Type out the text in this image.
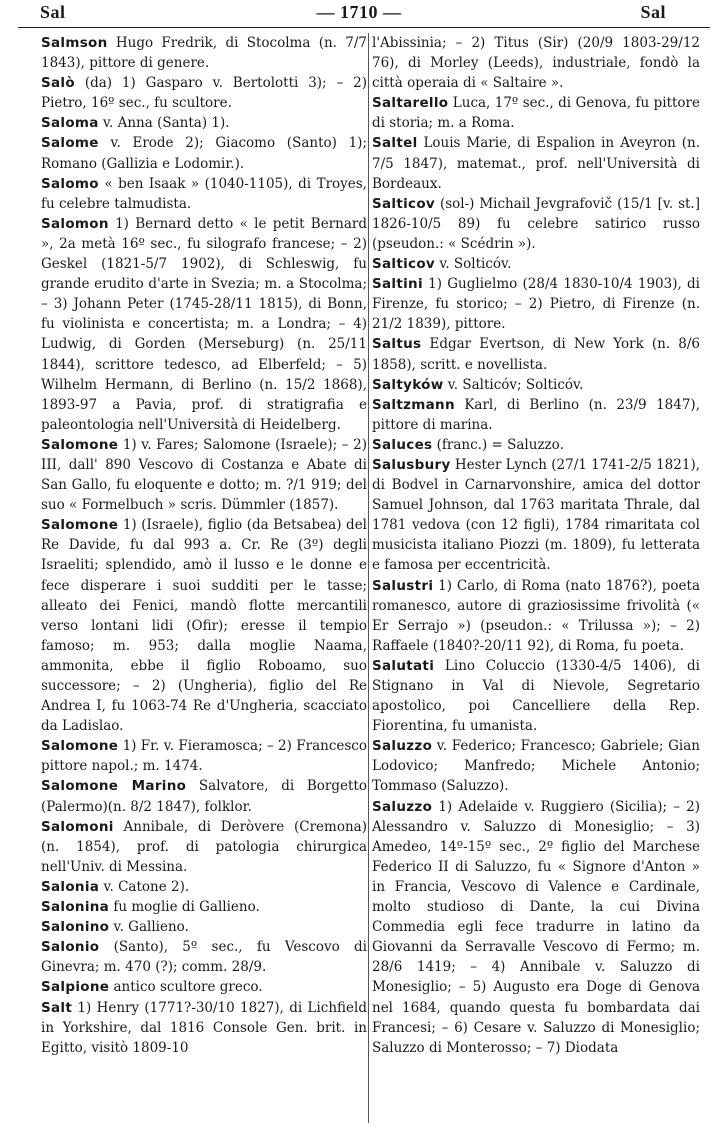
Sal	— 1710 —	Sal

Salmson Hugo Fredrik, di Stocolma (n. 7/7 1843), pittore di genere.

Salò (da) 1) Gasparo v. Bertolotti 3); – 2) Pietro, 16º sec., fu scultore.

Saloma v. Anna (Santa) 1).

Salome v. Erode 2); Giacomo (Santo) 1); Romano (Gallizia e Lodomir.).

Salomo « ben Isaak » (1040-1105), di Troyes, fu celebre talmudista.

Salomon 1) Bernard detto « le petit Bernard », 2a metà 16º sec., fu silografo francese; – 2) Geskel (1821-5/7 1902), di Schleswig, fu grande erudito d'arte in Svezia; m. a Stocolma; – 3) Johann Peter (1745-28/11 1815), di Bonn, fu violinista e concertista; m. a Londra; – 4) Ludwig, di Gorden (Merseburg) (n. 25/11 1844), scrittore tedesco, ad Elberfeld; – 5) Wilhelm Hermann, di Berlino (n. 15/2 1868), 1893-97 a Pavia, prof. di stratigrafia e paleontologia nell'Università di Heidelberg.

Salomone 1) v. Fares; Salomone (Israele); – 2) III, dall' 890 Vescovo di Costanza e Abate di San Gallo, fu eloquente e dotto; m. ?/1 919; del suo « Formelbuch » scris. Dümmler (1857).

Salomone 1) (Israele), figlio (da Betsabea) del Re Davide, fu dal 993 a. Cr. Re (3º) degli Israeliti; splendido, amò il lusso e le donne e fece disperare i suoi sudditi per le tasse; alleato dei Fenici, mandò flotte mercantili verso lontani lidi (Ofir); eresse il tempio famoso; m. 953; dalla moglie Naama, ammonita, ebbe il figlio Roboamo, suo successore; – 2) (Ungheria), figlio del Re Andrea I, fu 1063-74 Re d'Ungheria, scacciato da Ladislao.

Salomone 1) Fr. v. Fieramosca; – 2) Francesco pittore napol.; m. 1474.

Salomone Marino Salvatore, di Borgetto (Palermo)(n. 8/2 1847), folklor.

Salomoni Annibale, di Deròvere (Cremona) (n. 1854), prof. di patologia chirurgica nell'Univ. di Messina.

Salonia v. Catone 2).

Salonina fu moglie di Gallieno.

Salonino v. Gallieno.

Salonio (Santo), 5º sec., fu Vescovo di Ginevra; m. 470 (?); comm. 28/9.

Salpione antico scultore greco.

Salt 1) Henry (1771?-30/10 1827), di Lichfield in Yorkshire, dal 1816 Console Gen. brit. in Egitto, visitò 1809-10

l'Abissinia; – 2) Titus (Sir) (20/9 1803-29/12 76), di Morley (Leeds), industriale, fondò la città operaia di « Saltaire ».

Saltarello Luca, 17º sec., di Genova, fu pittore di storia; m. a Roma.

Saltel Louis Marie, di Espalion in Aveyron (n. 7/5 1847), matemat., prof. nell'Università di Bordeaux.

Salticov (sol-) Michail Jevgrafovič (15/1 [v. st.] 1826-10/5 89) fu celebre satirico russo (pseudon.: « Scédrin »).

Salticov v. Solticóv.

Saltini 1) Guglielmo (28/4 1830-10/4 1903), di Firenze, fu storico; – 2) Pietro, di Firenze (n. 21/2 1839), pittore.

Saltus Edgar Evertson, di New York (n. 8/6 1858), scritt. e novellista.

Saltyków v. Salticóv; Solticóv.

Saltzmann Karl, di Berlino (n. 23/9 1847), pittore di marina.

Saluces (franc.) = Saluzzo.

Salusbury Hester Lynch (27/1 1741-2/5 1821), di Bodvel in Carnarvonshire, amica del dottor Samuel Johnson, dal 1763 maritata Thrale, dal 1781 vedova (con 12 figli), 1784 rimaritata col musicista italiano Piozzi (m. 1809), fu letterata e famosa per eccentricità.

Salustri 1) Carlo, di Roma (nato 1876?), poeta romanesco, autore di graziosissime frivolità (« Er Serrajo ») (pseudon.: « Trilussa »); – 2) Raffaele (1840?-20/11 92), di Roma, fu poeta.

Salutati Lino Coluccio (1330-4/5 1406), di Stignano in Val di Nievole, Segretario apostolico, poi Cancelliere della Rep. Fiorentina, fu umanista.

Saluzzo v. Federico; Francesco; Gabriele; Gian Lodovico; Manfredo; Michele Antonio; Tommaso (Saluzzo).

Saluzzo 1) Adelaide v. Ruggiero (Sicilia); – 2) Alessandro v. Saluzzo di Monesiglio; – 3) Amedeo, 14º-15º sec., 2º figlio del Marchese Federico II di Saluzzo, fu « Signore d'Anton » in Francia, Vescovo di Valence e Cardinale, molto studioso di Dante, la cui Divina Commedia egli fece tradurre in latino da Giovanni da Serravalle Vescovo di Fermo; m. 28/6 1419; – 4) Annibale v. Saluzzo di Monesiglio; – 5) Augusto era Doge di Genova nel 1684, quando questa fu bombardata dai Francesi; – 6) Cesare v. Saluzzo di Monesiglio; Saluzzo di Monterosso; – 7) Diodata
